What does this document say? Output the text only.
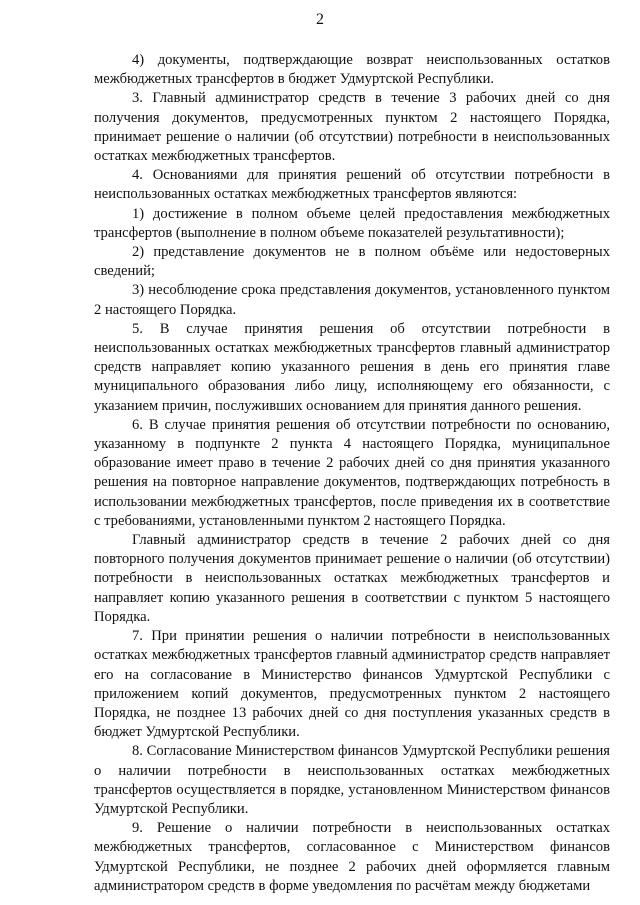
2

4) документы, подтверждающие возврат неиспользованных остатков межбюджетных трансфертов в бюджет Удмуртской Республики.

3. Главный администратор средств в течение 3 рабочих дней со дня получения документов, предусмотренных пунктом 2 настоящего Порядка, принимает решение о наличии (об отсутствии) потребности в неиспользованных остатках межбюджетных трансфертов.

4. Основаниями для принятия решений об отсутствии потребности в неиспользованных остатках межбюджетных трансфертов являются:

1) достижение в полном объеме целей предоставления межбюджетных трансфертов (выполнение в полном объеме показателей результативности);

2) представление документов не в полном объёме или недостоверных сведений;

3) несоблюдение срока представления документов, установленного пунктом 2 настоящего Порядка.

5. В случае принятия решения об отсутствии потребности в неиспользованных остатках межбюджетных трансфертов главный администратор средств направляет копию указанного решения в день его принятия главе муниципального образования либо лицу, исполняющему его обязанности, с указанием причин, послуживших основанием для принятия данного решения.

6. В случае принятия решения об отсутствии потребности по основанию, указанному в подпункте 2 пункта 4 настоящего Порядка, муниципальное образование имеет право в течение 2 рабочих дней со дня принятия указанного решения на повторное направление документов, подтверждающих потребность в использовании межбюджетных трансфертов, после приведения их в соответствие с требованиями, установленными пунктом 2 настоящего Порядка.

Главный администратор средств в течение 2 рабочих дней со дня повторного получения документов принимает решение о наличии (об отсутствии) потребности в неиспользованных остатках межбюджетных трансфертов и направляет копию указанного решения в соответствии с пунктом 5 настоящего Порядка.

7. При принятии решения о наличии потребности в неиспользованных остатках межбюджетных трансфертов главный администратор средств направляет его на согласование в Министерство финансов Удмуртской Республики с приложением копий документов, предусмотренных пунктом 2 настоящего Порядка, не позднее 13 рабочих дней со дня поступления указанных средств в бюджет Удмуртской Республики.

8. Согласование Министерством финансов Удмуртской Республики решения о наличии потребности в неиспользованных остатках межбюджетных трансфертов осуществляется в порядке, установленном Министерством финансов Удмуртской Республики.

9. Решение о наличии потребности в неиспользованных остатках межбюджетных трансфертов, согласованное с Министерством финансов Удмуртской Республики, не позднее 2 рабочих дней оформляется главным администратором средств в форме уведомления по расчётам между бюджетами
